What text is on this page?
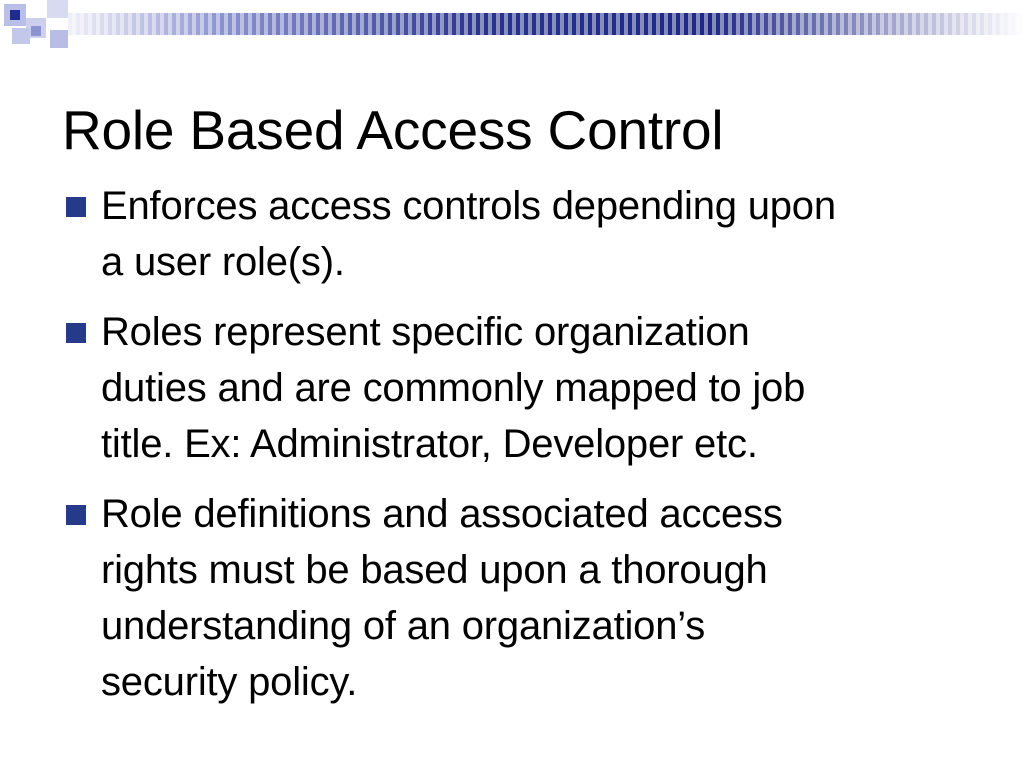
Role Based Access Control
Enforces access controls depending upon
a user role(s).
Roles represent specific organization
duties and are commonly mapped to job
title. Ex: Administrator, Developer etc.
Role definitions and associated access
rights must be based upon a thorough
understanding of an organization’s
security policy.
